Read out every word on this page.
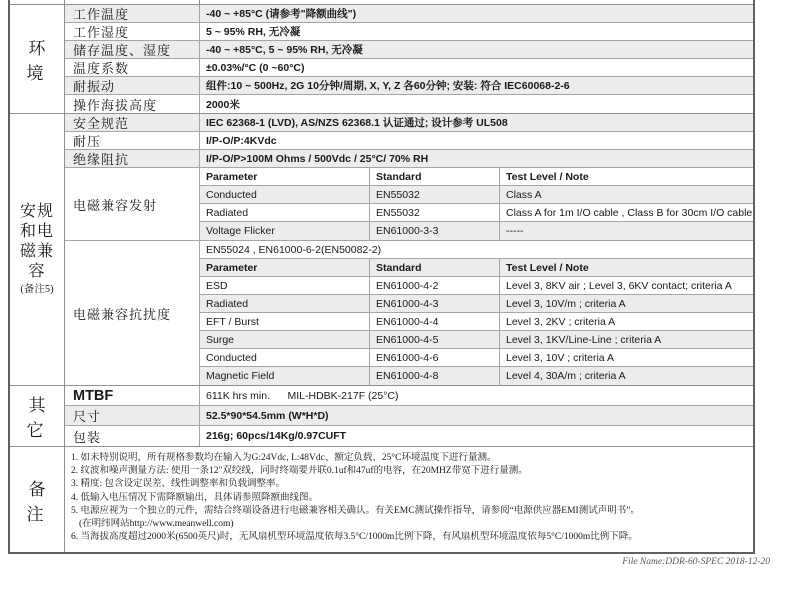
环 境
工作温度	-40 ~ +85°C (请参考"降额曲线")
工作湿度	5 ~ 95% RH, 无冷凝
储存温度、湿度	-40 ~ +85°C, 5 ~ 95% RH, 无冷凝
温度系数	±0.03%/°C (0 ~60°C)
耐振动	组件:10 ~ 500Hz, 2G 10分钟/周期, X, Y, Z 各60分钟; 安装: 符合 IEC60068-2-6
操作海拔高度	2000米
安规
和电
磁兼
容
(备注5)
安全规范	IEC 62368-1 (LVD), AS/NZS 62368.1 认证通过; 设计参考 UL508
耐压	I/P-O/P:4KVdc
绝缘阻抗	I/P-O/P>100M Ohms / 500Vdc / 25°C/ 70% RH
电磁兼容发射
Parameter	Standard	Test Level / Note
Conducted	EN55032	Class A
Radiated	EN55032	Class A for 1m I/O cable , Class B for 30cm I/O cable
Voltage Flicker	EN61000-3-3	-----
电磁兼容抗扰度
EN55024 , EN61000-6-2(EN50082-2)
Parameter	Standard	Test Level / Note
ESD	EN61000-4-2	Level 3, 8KV air ; Level 3, 6KV contact; criteria A
Radiated	EN61000-4-3	Level 3, 10V/m ; criteria A
EFT / Burst	EN61000-4-4	Level 3, 2KV ; criteria A
Surge	EN61000-4-5	Level 3, 1KV/Line-Line ; criteria A
Conducted	EN61000-4-6	Level 3, 10V ; criteria A
Magnetic Field	EN61000-4-8	Level 4, 30A/m ; criteria A
其 它
MTBF	611K hrs min.      MIL-HDBK-217F (25°C)
尺寸	52.5*90*54.5mm (W*H*D)
包装	216g; 60pcs/14Kg/0.97CUFT
备 注
1. 如未特别说明，所有规格参数均在输入为G:24Vdc, L:48Vdc、额定负载、25°C环境温度下进行量测。
2. 纹波和噪声测量方法: 使用一条12"双绞线，同时终端要并联0.1uf和47uf的电容，在20MHZ带宽下进行量测。
3. 精度: 包含设定误差、线性调整率和负载调整率。
4. 低输入电压情况下需降额输出，具体请参照降额曲线图。
5. 电源应视为一个独立的元件，需结合终端设备进行电磁兼容相关确认。有关EMC测试操作指导，请参阅“电源供应器EMI测试声明书”。
(在明纬网站http://www.meanwell.com)
6. 当海拔高度超过2000米(6500英尺)时，无风扇机型环境温度依每3.5°C/1000m比例下降，有风扇机型环境温度依每5°C/1000m比例下降。
File Name:DDR-60-SPEC 2018-12-20
